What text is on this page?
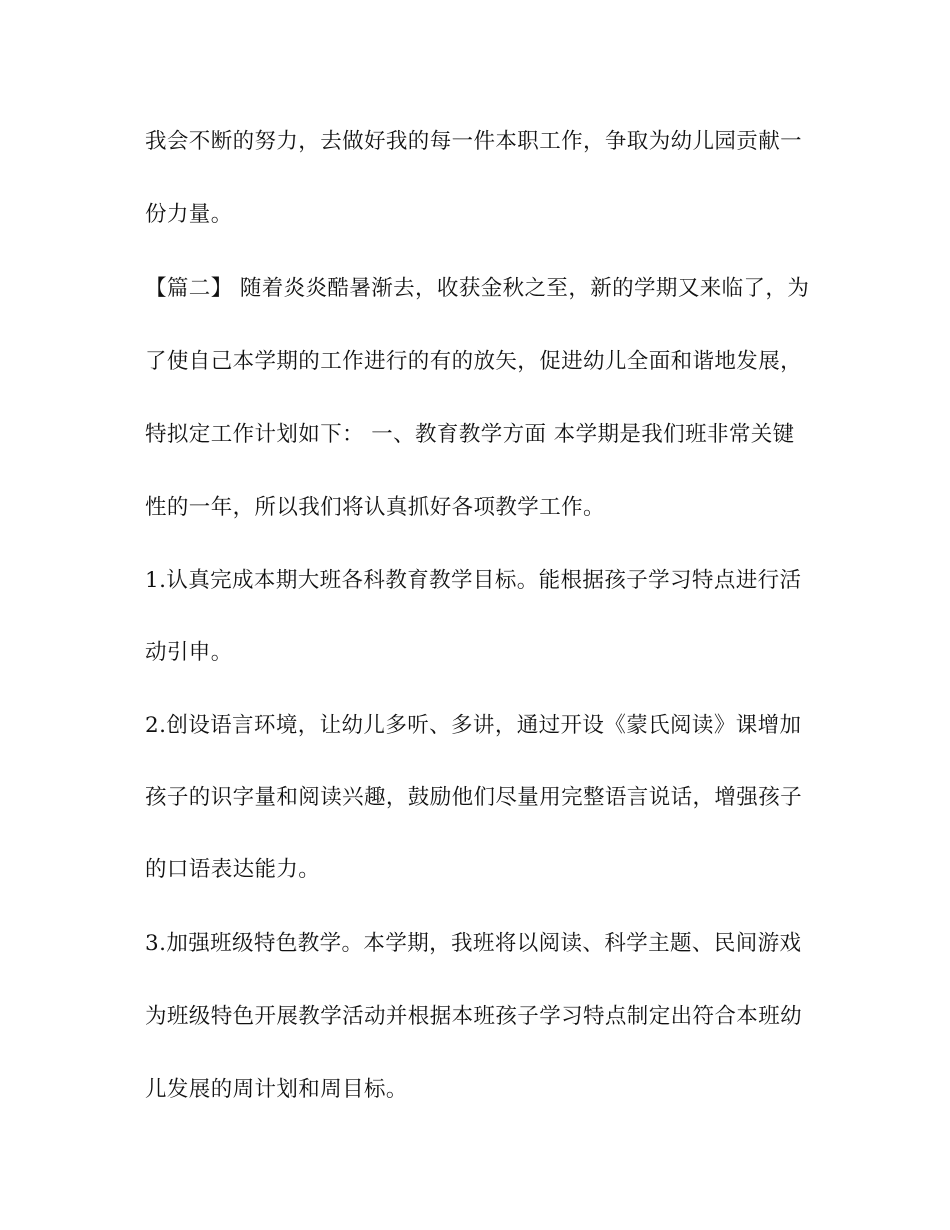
我会不断的努力，去做好我的每一件本职工作，争取为幼儿园贡献一
份力量。
【篇二】 随着炎炎酷暑渐去，收获金秋之至，新的学期又来临了，为
了使自己本学期的工作进行的有的放矢，促进幼儿全面和谐地发展，
特拟定工作计划如下： 一、教育教学方面 本学期是我们班非常关键
性的一年，所以我们将认真抓好各项教学工作。
1.认真完成本期大班各科教育教学目标。能根据孩子学习特点进行活
动引申。
2.创设语言环境，让幼儿多听、多讲，通过开设《蒙氏阅读》课增加
孩子的识字量和阅读兴趣，鼓励他们尽量用完整语言说话，增强孩子
的口语表达能力。
3.加强班级特色教学。本学期，我班将以阅读、科学主题、民间游戏
为班级特色开展教学活动并根据本班孩子学习特点制定出符合本班幼
儿发展的周计划和周目标。
